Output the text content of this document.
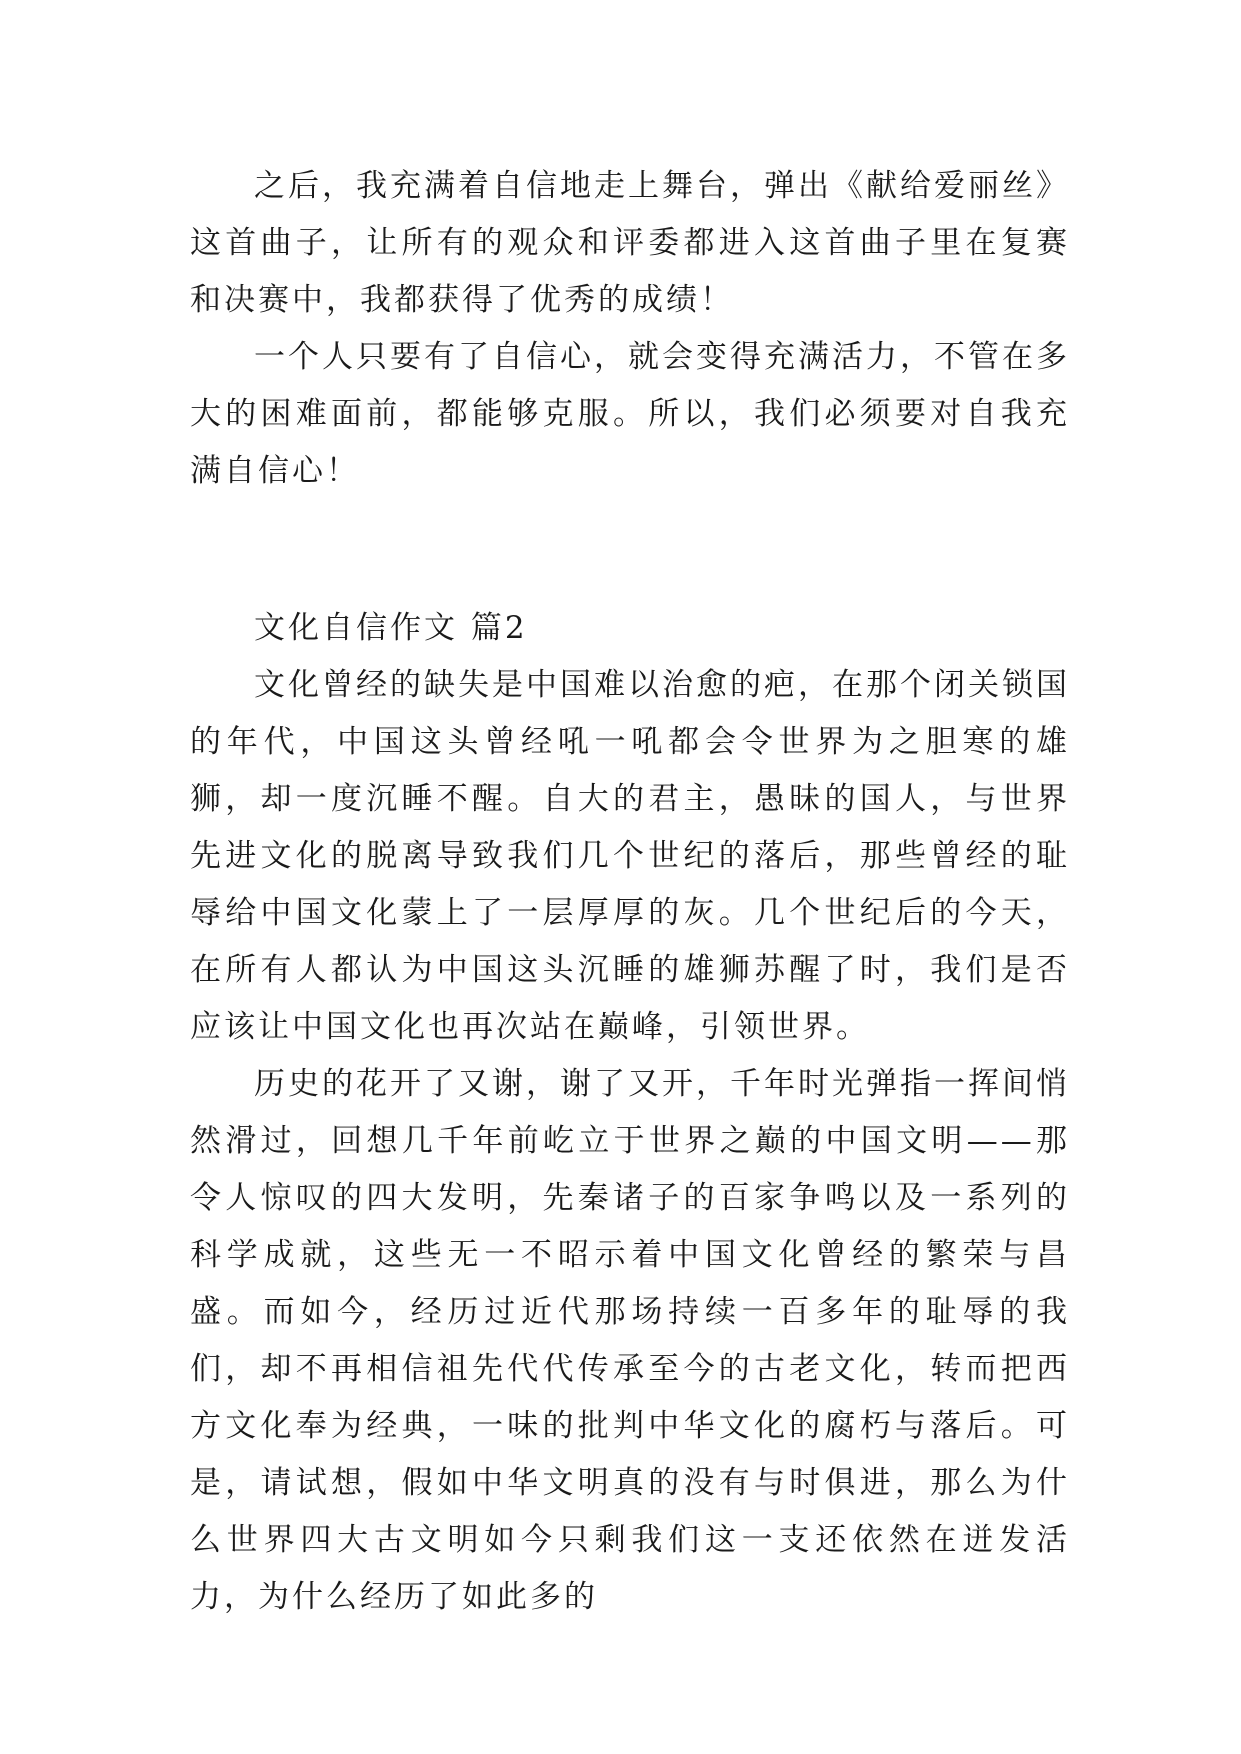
之后，我充满着自信地走上舞台，弹出《献给爱丽丝》这首曲子，让所有的观众和评委都进入这首曲子里在复赛和决赛中，我都获得了优秀的成绩！

一个人只要有了自信心，就会变得充满活力，不管在多大的困难面前，都能够克服。所以，我们必须要对自我充满自信心！

文化自信作文 篇2

文化曾经的缺失是中国难以治愈的疤，在那个闭关锁国的年代，中国这头曾经吼一吼都会令世界为之胆寒的雄狮，却一度沉睡不醒。自大的君主，愚昧的国人，与世界先进文化的脱离导致我们几个世纪的落后，那些曾经的耻辱给中国文化蒙上了一层厚厚的灰。几个世纪后的今天，在所有人都认为中国这头沉睡的雄狮苏醒了时，我们是否应该让中国文化也再次站在巅峰，引领世界。

历史的花开了又谢，谢了又开，千年时光弹指一挥间悄然滑过，回想几千年前屹立于世界之巅的中国文明——那令人惊叹的四大发明，先秦诸子的百家争鸣以及一系列的科学成就，这些无一不昭示着中国文化曾经的繁荣与昌盛。而如今，经历过近代那场持续一百多年的耻辱的我们，却不再相信祖先代代传承至今的古老文化，转而把西方文化奉为经典，一味的批判中华文化的腐朽与落后。可是，请试想，假如中华文明真的没有与时俱进，那么为什么世界四大古文明如今只剩我们这一支还依然在迸发活力，为什么经历了如此多的
